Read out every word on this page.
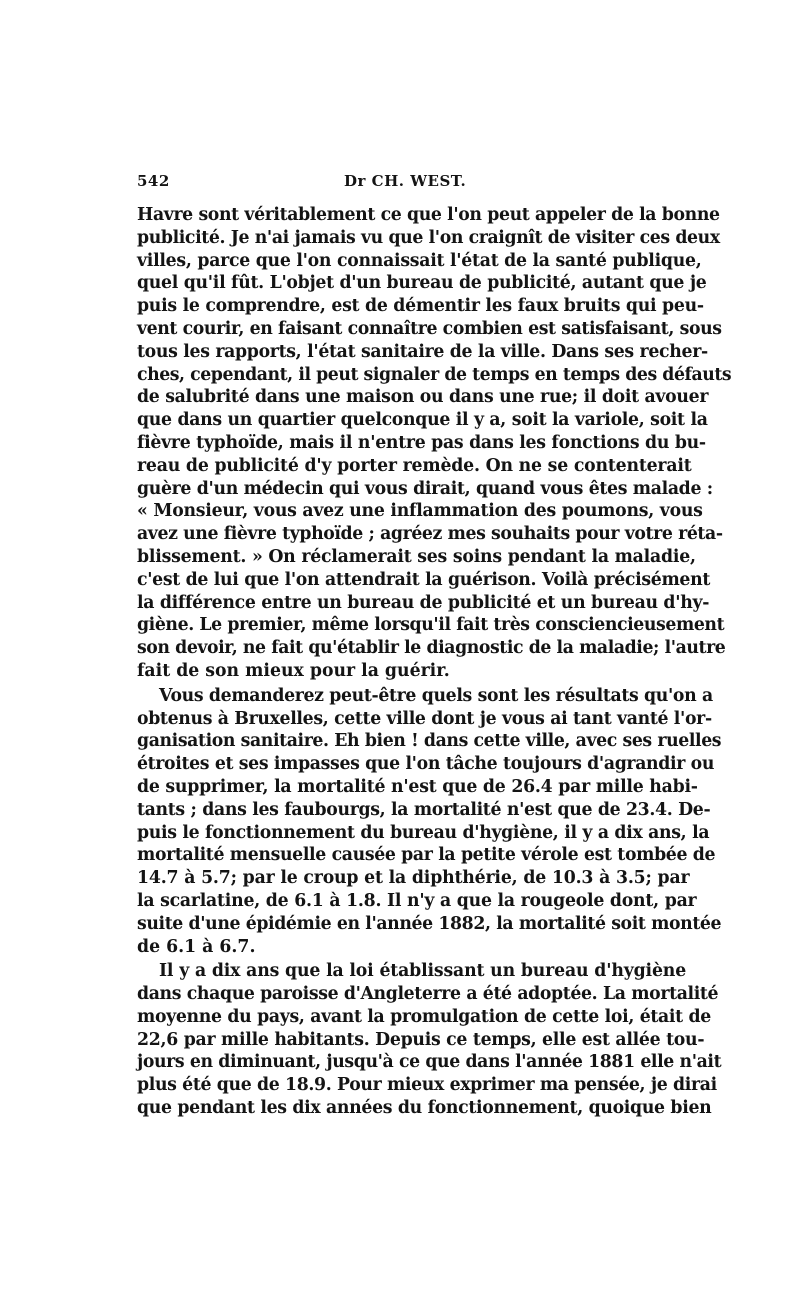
542	Dr CH. WEST.
Havre sont véritablement ce que l'on peut appeler de la bonne
publicité. Je n'ai jamais vu que l'on craignît de visiter ces deux
villes, parce que l'on connaissait l'état de la santé publique,
quel qu'il fût. L'objet d'un bureau de publicité, autant que je
puis le comprendre, est de démentir les faux bruits qui peu-
vent courir, en faisant connaître combien est satisfaisant, sous
tous les rapports, l'état sanitaire de la ville. Dans ses recher-
ches, cependant, il peut signaler de temps en temps des défauts
de salubrité dans une maison ou dans une rue; il doit avouer
que dans un quartier quelconque il y a, soit la variole, soit la
fièvre typhoïde, mais il n'entre pas dans les fonctions du bu-
reau de publicité d'y porter remède. On ne se contenterait
guère d'un médecin qui vous dirait, quand vous êtes malade :
« Monsieur, vous avez une inflammation des poumons, vous
avez une fièvre typhoïde ; agréez mes souhaits pour votre réta-
blissement. » On réclamerait ses soins pendant la maladie,
c'est de lui que l'on attendrait la guérison. Voilà précisément
la différence entre un bureau de publicité et un bureau d'hy-
giène. Le premier, même lorsqu'il fait très consciencieusement
son devoir, ne fait qu'établir le diagnostic de la maladie; l'autre
fait de son mieux pour la guérir.
Vous demanderez peut-être quels sont les résultats qu'on a
obtenus à Bruxelles, cette ville dont je vous ai tant vanté l'or-
ganisation sanitaire. Eh bien ! dans cette ville, avec ses ruelles
étroites et ses impasses que l'on tâche toujours d'agrandir ou
de supprimer, la mortalité n'est que de 26.4 par mille habi-
tants ; dans les faubourgs, la mortalité n'est que de 23.4. De-
puis le fonctionnement du bureau d'hygiène, il y a dix ans, la
mortalité mensuelle causée par la petite vérole est tombée de
14.7 à 5.7; par le croup et la diphthérie, de 10.3 à 3.5; par
la scarlatine, de 6.1 à 1.8. Il n'y a que la rougeole dont, par
suite d'une épidémie en l'année 1882, la mortalité soit montée
de 6.1 à 6.7.
Il y a dix ans que la loi établissant un bureau d'hygiène
dans chaque paroisse d'Angleterre a été adoptée. La mortalité
moyenne du pays, avant la promulgation de cette loi, était de
22,6 par mille habitants. Depuis ce temps, elle est allée tou-
jours en diminuant, jusqu'à ce que dans l'année 1881 elle n'ait
plus été que de 18.9. Pour mieux exprimer ma pensée, je dirai
que pendant les dix années du fonctionnement, quoique bien
